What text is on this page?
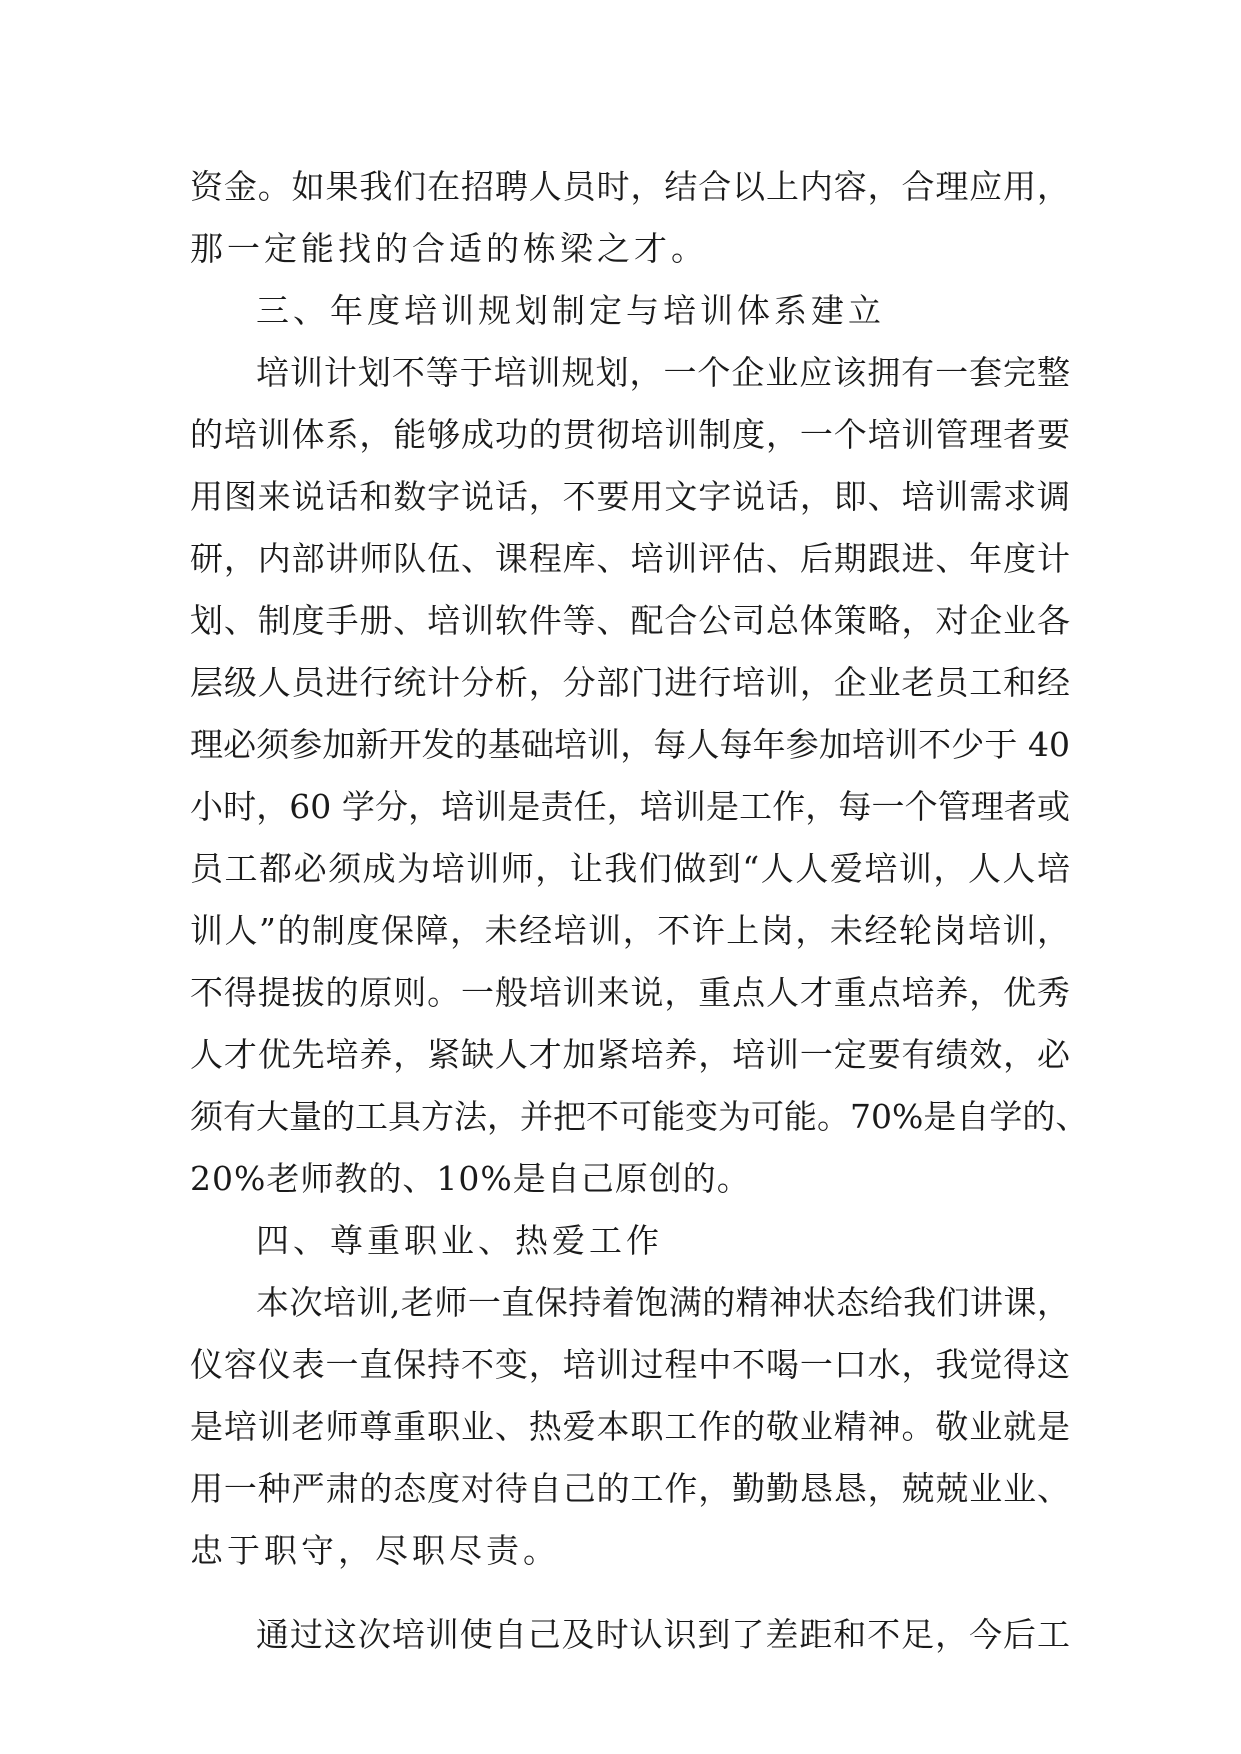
资金。如果我们在招聘人员时，结合以上内容，合理应用，
那一定能找的合适的栋梁之才。
三、年度培训规划制定与培训体系建立
培训计划不等于培训规划，一个企业应该拥有一套完整
的培训体系，能够成功的贯彻培训制度，一个培训管理者要
用图来说话和数字说话，不要用文字说话，即、培训需求调
研，内部讲师队伍、课程库、培训评估、后期跟进、年度计
划、制度手册、培训软件等、配合公司总体策略，对企业各
层级人员进行统计分析，分部门进行培训，企业老员工和经
理必须参加新开发的基础培训，每人每年参加培训不少于 40
小时，60 学分，培训是责任，培训是工作，每一个管理者或
员工都必须成为培训师，让我们做到“人人爱培训，人人培
训人”的制度保障，未经培训，不许上岗，未经轮岗培训，
不得提拔的原则。一般培训来说，重点人才重点培养，优秀
人才优先培养，紧缺人才加紧培养，培训一定要有绩效，必
须有大量的工具方法，并把不可能变为可能。70%是自学的、
20%老师教的、10%是自己原创的。
四、尊重职业、热爱工作
本次培训,老师一直保持着饱满的精神状态给我们讲课，
仪容仪表一直保持不变，培训过程中不喝一口水，我觉得这
是培训老师尊重职业、热爱本职工作的敬业精神。敬业就是
用一种严肃的态度对待自己的工作，勤勤恳恳，兢兢业业、
忠于职守，尽职尽责。
通过这次培训使自己及时认识到了差距和不足，今后工
